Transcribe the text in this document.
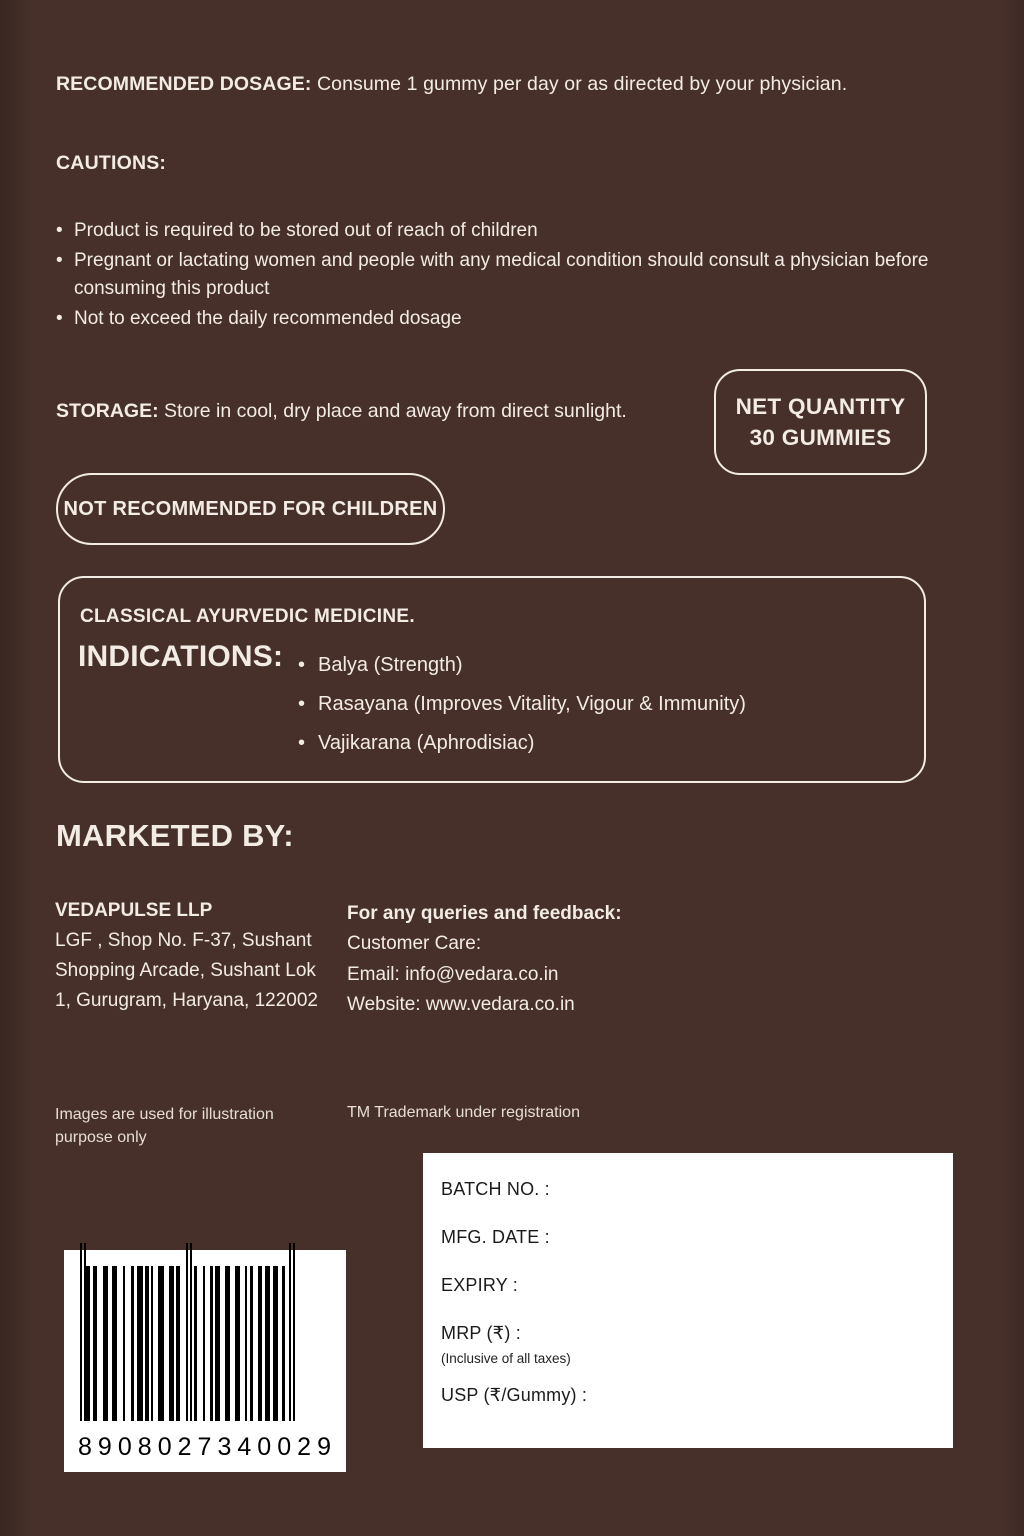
RECOMMENDED DOSAGE: Consume 1 gummy per day or as directed by your physician.
CAUTIONS:
• Product is required to be stored out of reach of children
• Pregnant or lactating women and people with any medical condition should consult a physician before consuming this product
• Not to exceed the daily recommended dosage
STORAGE: Store in cool, dry place and away from direct sunlight.
NOT RECOMMENDED FOR CHILDREN
NET QUANTITY
30 GUMMIES
CLASSICAL AYURVEDIC MEDICINE.
INDICATIONS:	• Balya (Strength)
• Rasayana (Improves Vitality, Vigour & Immunity)
• Vajikarana (Aphrodisiac)
MARKETED BY:
VEDAPULSE LLP
LGF , Shop No. F-37, Sushant
Shopping Arcade, Sushant Lok
1, Gurugram, Haryana, 122002
For any queries and feedback:
Customer Care:
Email: info@vedara.co.in
Website: www.vedara.co.in
Images are used for illustration
purpose only
TM Trademark under registration
8 9 0 8 0 2 7 3 4 0 0 2 9
BATCH NO. :
MFG. DATE :
EXPIRY :
MRP (₹) :
(Inclusive of all taxes)
USP (₹/Gummy) :
